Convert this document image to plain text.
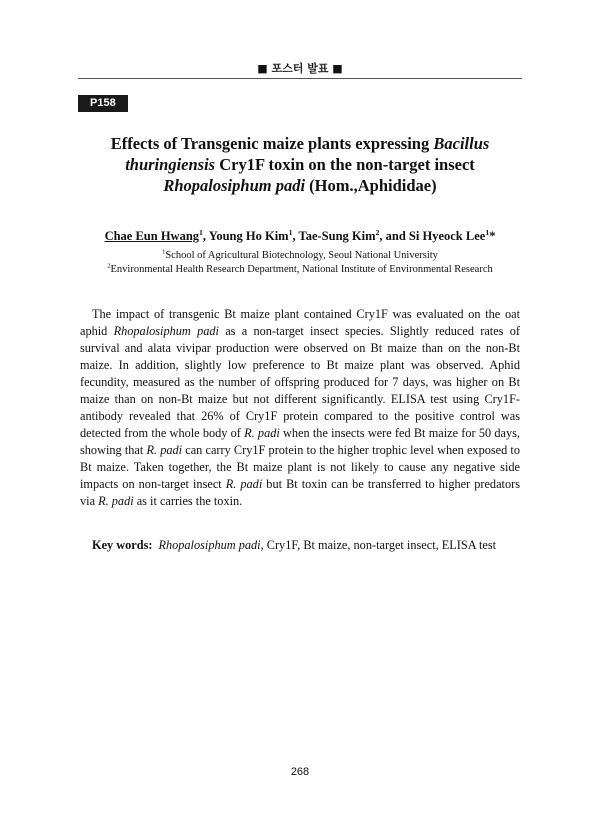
■ 포스터 발표 ■
P158
Effects of Transgenic maize plants expressing Bacillus thuringiensis Cry1F toxin on the non-target insect Rhopalosiphum padi (Hom.,Aphididae)
Chae Eun Hwang$^1$, Young Ho Kim$^1$, Tae-Sung Kim$^2$, and Si Hyeock Lee$^1$*
$^1$School of Agricultural Biotechnology, Seoul National University
$^2$Environmental Health Research Department, National Institute of Environmental Research

The impact of transgenic Bt maize plant contained Cry1F was evaluated on the oat aphid Rhopalosiphum padi as a non-target insect species. Slightly reduced rates of survival and alata vivipar production were observed on Bt maize than on the non-Bt maize. In addition, slightly low preference to Bt maize plant was observed. Aphid fecundity, measured as the number of offspring produced for 7 days, was higher on Bt maize than on non-Bt maize but not different significantly. ELISA test using Cry1F-antibody revealed that 26% of Cry1F protein compared to the positive control was detected from the whole body of R. padi when the insects were fed Bt maize for 50 days, showing that R. padi can carry Cry1F protein to the higher trophic level when exposed to Bt maize. Taken together, the Bt maize plant is not likely to cause any negative side impacts on non-target insect R. padi but Bt toxin can be transferred to higher predators via R. padi as it carries the toxin.

Key words: Rhopalosiphum padi, Cry1F, Bt maize, non-target insect, ELISA test
268
